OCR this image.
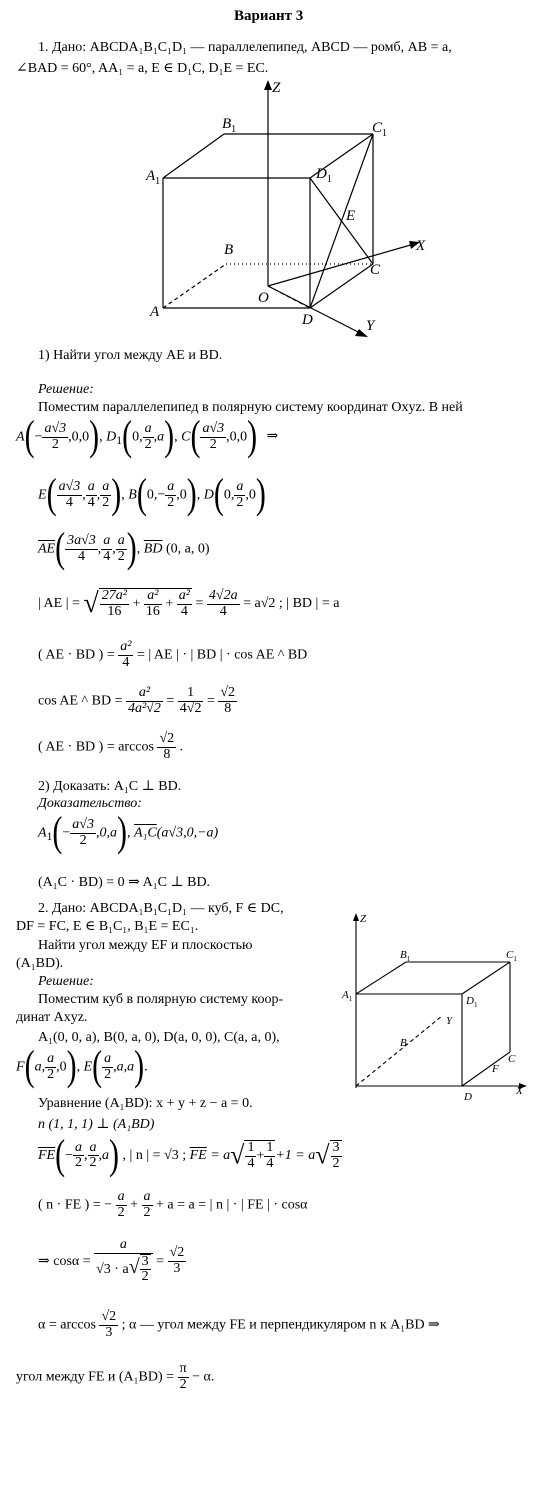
Вариант 3
1. Дано: ABCDA₁B₁C₁D₁ — параллелепипед, ABCD — ромб, AB = a,
∠BAD = 60°, AA₁ = a, E ∈ D₁C, D₁E = EC.
Z
$B_1$	$C_1$
$A_1$	$D_1$
E
X
B
C
O
A	D	Y
1) Найти угол между AE и BD.
Решение:
Поместим параллелепипед в полярную систему координат Oxyz. В ней
$A(- \frac{a√3}{2} ,0,0)$, $D_1(0$, $\frac{a}{2} ,a$), $C( \frac{a√3}{2} ,0,0)$ ⇒
$E( \frac{a√3}{4}$ , $\frac{a}{4}$ , $\frac{a}{2}$ ), $B(0,- \frac{a}{2} ,0)$, D(0, $\frac{a}{2} ,0$)
$\overline{AE}( \frac{3a√3}{4}$ , $\frac{a}{4}$ , $\frac{a}{2}$ ), $\overline{BD}$ (0, a, 0)
| AE | = √ $\frac{\text{27a²}}{16} + \frac{\text{a²}}{16} + \frac{\text{a²}}{4} = \frac{4√2a}{4} = a√2$ ; | BD | = a
( AE · BD ) = $\frac{\text{a²}}{4}$ = | AE | · | BD | · cos AE ^ BD
cos AE ^ BD = $\frac{\text{a²}}{\text{4a²√2}} = \frac{1}{4√2} = \frac{√2}{8}$
( AE · BD ) = $\arccos \frac{√2}{8}$ .
2) Доказать: A₁C ⊥ BD.
Доказательство:
$A_1(- \frac{a√3}{2} ,0,a)$, A₁C(a√3,0,−a)
(A₁C · BD) = 0 ⇒ A₁C ⊥ BD.
2. Дано: ABCDA₁B₁C₁D₁ — куб, F ∈ DC,
DF = FC, E ∈ B₁C₁, B₁E = EC₁.
Найти угол между EF и плоскостью
(A₁BD).
Решение:
Поместим куб в полярную систему коор-
динат Axyz.
A₁(0, 0, a), B(0, a, 0), D(a, 0, 0), C(a, a, 0),
F(a, $\frac{a}{2} ,0$), $E( \frac{a}{2} ,a,a)$.
Z
$B_1$	$C_1$
$A_1$	$D_1$
Y
B
C
F
D	X
Уравнение (A₁BD): x + y + z − a = 0.
n (1, 1, 1) ⊥ (A₁BD)
$\overline{FE}(- \frac{a}{2}$ , $\frac{a}{2} ,a$) , | n | = √3 ; $\overline{FE} = a√ \frac{1}{4} + \frac{1}{4} +1 = a√ \frac{3}{2}$
( n · FE ) = − $\frac{a}{2} + \frac{a}{2} + a = a$ = | n | · | FE | · cosα
⇒ $\cos\alpha = \frac{a}{√3 \cdot a√ \frac{3}{2}} = \frac{√2}{3}$
$\alpha = \arccos \frac{√2}{3}$ ; α — угол между FE и перпендикуляром n к A₁BD ⇒
угол между FE и $(A_1BD) = \frac{\pi}{2} - \alpha$.
